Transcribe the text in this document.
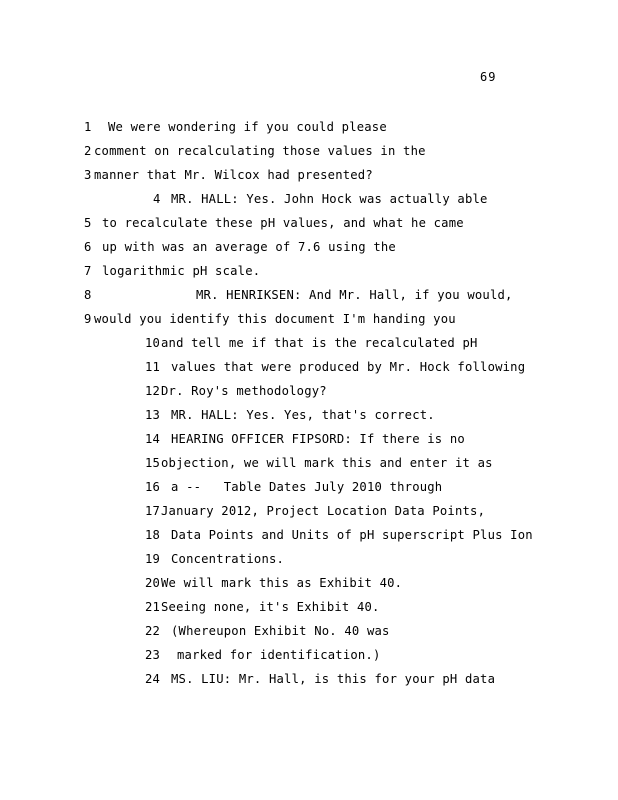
69
1 We were wondering if you could please
2 comment on recalculating those values in the
3 manner that Mr. Wilcox had presented?
4 MR. HALL: Yes. John Hock was actually able
5 to recalculate these pH values, and what he came
6 up with was an average of 7.6 using the
7 logarithmic pH scale.
8	MR. HENRIKSEN: And Mr. Hall, if you would,
9 would you identify this document I'm handing you
10and tell me if that is the recalculated pH
11 values that were produced by Mr. Hock following
12Dr. Roy's methodology?
13 MR. HALL: Yes. Yes, that's correct.
14 HEARING OFFICER FIPSORD: If there is no
15objection, we will mark this and enter it as
16 a --   Table Dates July 2010 through
17January 2012, Project Location Data Points,
18 Data Points and Units of pH superscript Plus Ion
19 Concentrations.
20We will mark this as Exhibit 40.
21Seeing none, it's Exhibit 40.
22 (Whereupon Exhibit No. 40 was
23 marked for identification.)
24 MS. LIU: Mr. Hall, is this for your pH data
